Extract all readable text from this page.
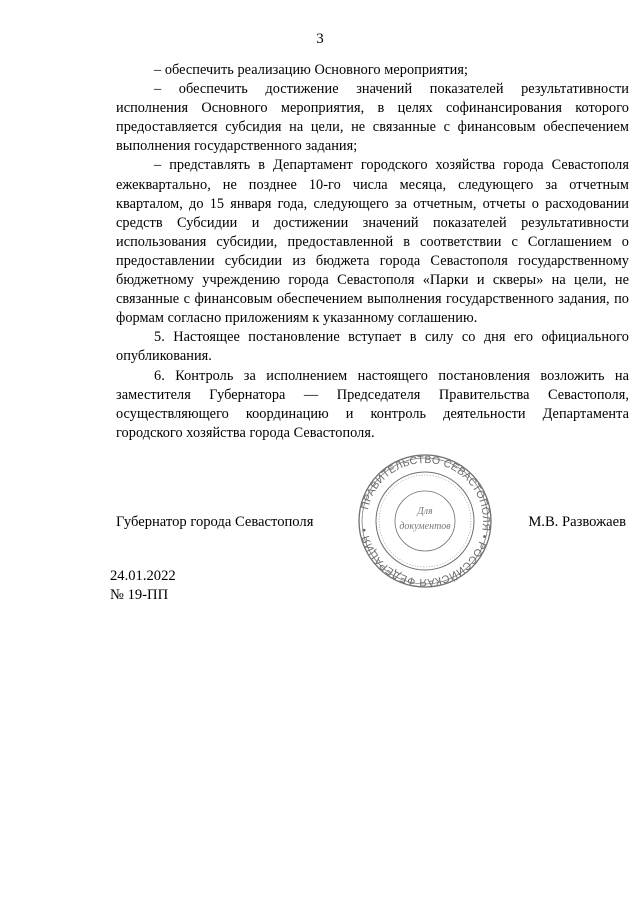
3

– обеспечить реализацию Основного мероприятия;

– обеспечить достижение значений показателей результативности исполнения Основного мероприятия, в целях софинансирования которого предоставляется субсидия на цели, не связанные с финансовым обеспечением выполнения государственного задания;

– представлять в Департамент городского хозяйства города Севастополя ежеквартально, не позднее 10-го числа месяца, следующего за отчетным кварталом, до 15 января года, следующего за отчетным, отчеты о расходовании средств Субсидии и достижении значений показателей результативности использования субсидии, предоставленной в соответствии с Соглашением о предоставлении субсидии из бюджета города Севастополя государственному бюджетному учреждению города Севастополя «Парки и скверы» на цели, не связанные с финансовым обеспечением выполнения государственного задания, по формам согласно приложениям к указанному соглашению.

5. Настоящее постановление вступает в силу со дня его официального опубликования.

6. Контроль за исполнением настоящего постановления возложить на заместителя Губернатора — Председателя Правительства Севастополя, осуществляющего координацию и контроль деятельности Департамента городского хозяйства города Севастополя.

Губернатор города Севастополя	М.В. Развожаев
ПРАВИТЕЛЬСТВО СЕВАСТОПОЛЯ • РОССИЙСКАЯ ФЕДЕРАЦИЯ •
Для
документов
24.01.2022
№ 19-ПП
